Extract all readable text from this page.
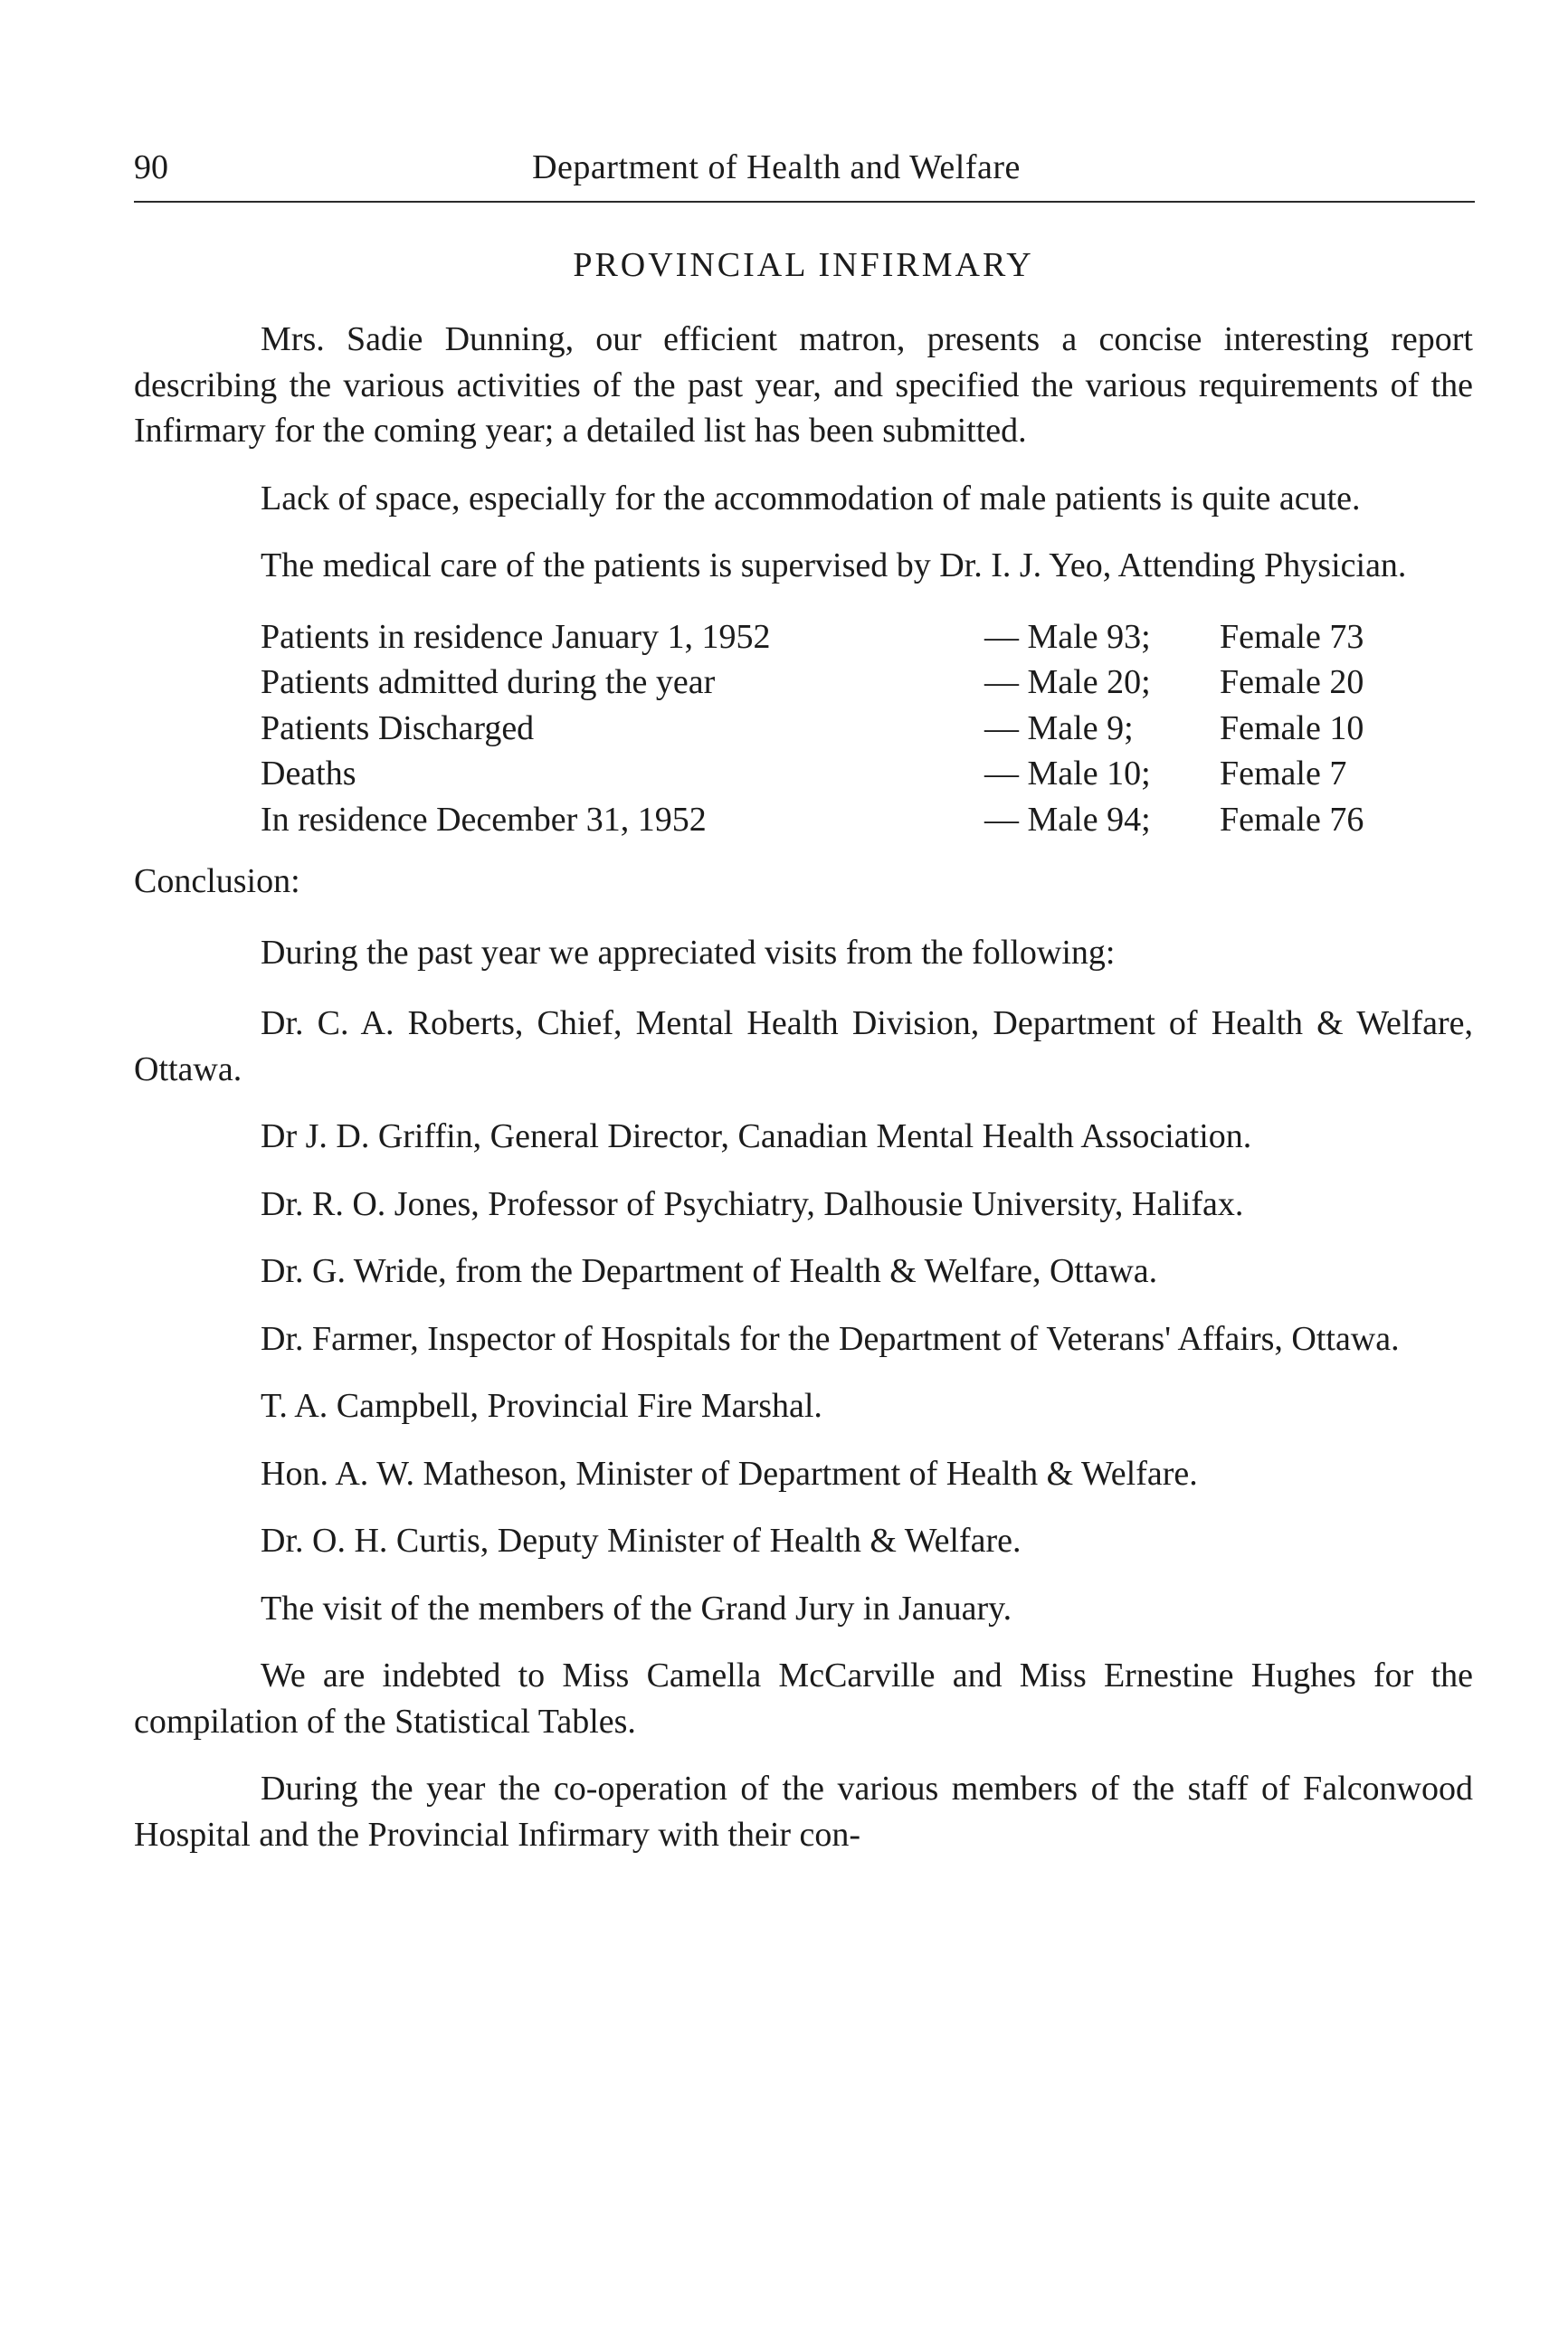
90	Department of Health and Welfare
PROVINCIAL INFIRMARY

Mrs. Sadie Dunning, our efficient matron, presents a concise interesting report describing the various activities of the past year, and specified the various requirements of the Infirmary for the coming year; a detailed list has been submitted.

Lack of space, especially for the accommodation of male patients is quite acute.

The medical care of the patients is supervised by Dr. I. J. Yeo, Attending Physician.

Patients in residence January 1, 1952	— Male 93;	Female 73
Patients admitted during the year	— Male 20;	Female 20
Patients Discharged	— Male 9;	Female 10
Deaths	— Male 10;	Female 7
In residence December 31, 1952	— Male 94;	Female 76

Conclusion:

During the past year we appreciated visits from the following:

Dr. C. A. Roberts, Chief, Mental Health Division, Department of Health & Welfare, Ottawa.

Dr J. D. Griffin, General Director, Canadian Mental Health Association.

Dr. R. O. Jones, Professor of Psychiatry, Dalhousie University, Halifax.

Dr. G. Wride, from the Department of Health & Welfare, Ottawa.

Dr. Farmer, Inspector of Hospitals for the Department of Veterans' Affairs, Ottawa.

T. A. Campbell, Provincial Fire Marshal.

Hon. A. W. Matheson, Minister of Department of Health & Welfare.

Dr. O. H. Curtis, Deputy Minister of Health & Welfare.

The visit of the members of the Grand Jury in January.

We are indebted to Miss Camella McCarville and Miss Ernestine Hughes for the compilation of the Statistical Tables.

During the year the co-operation of the various members of the staff of Falconwood Hospital and the Provincial Infirmary with their con-
